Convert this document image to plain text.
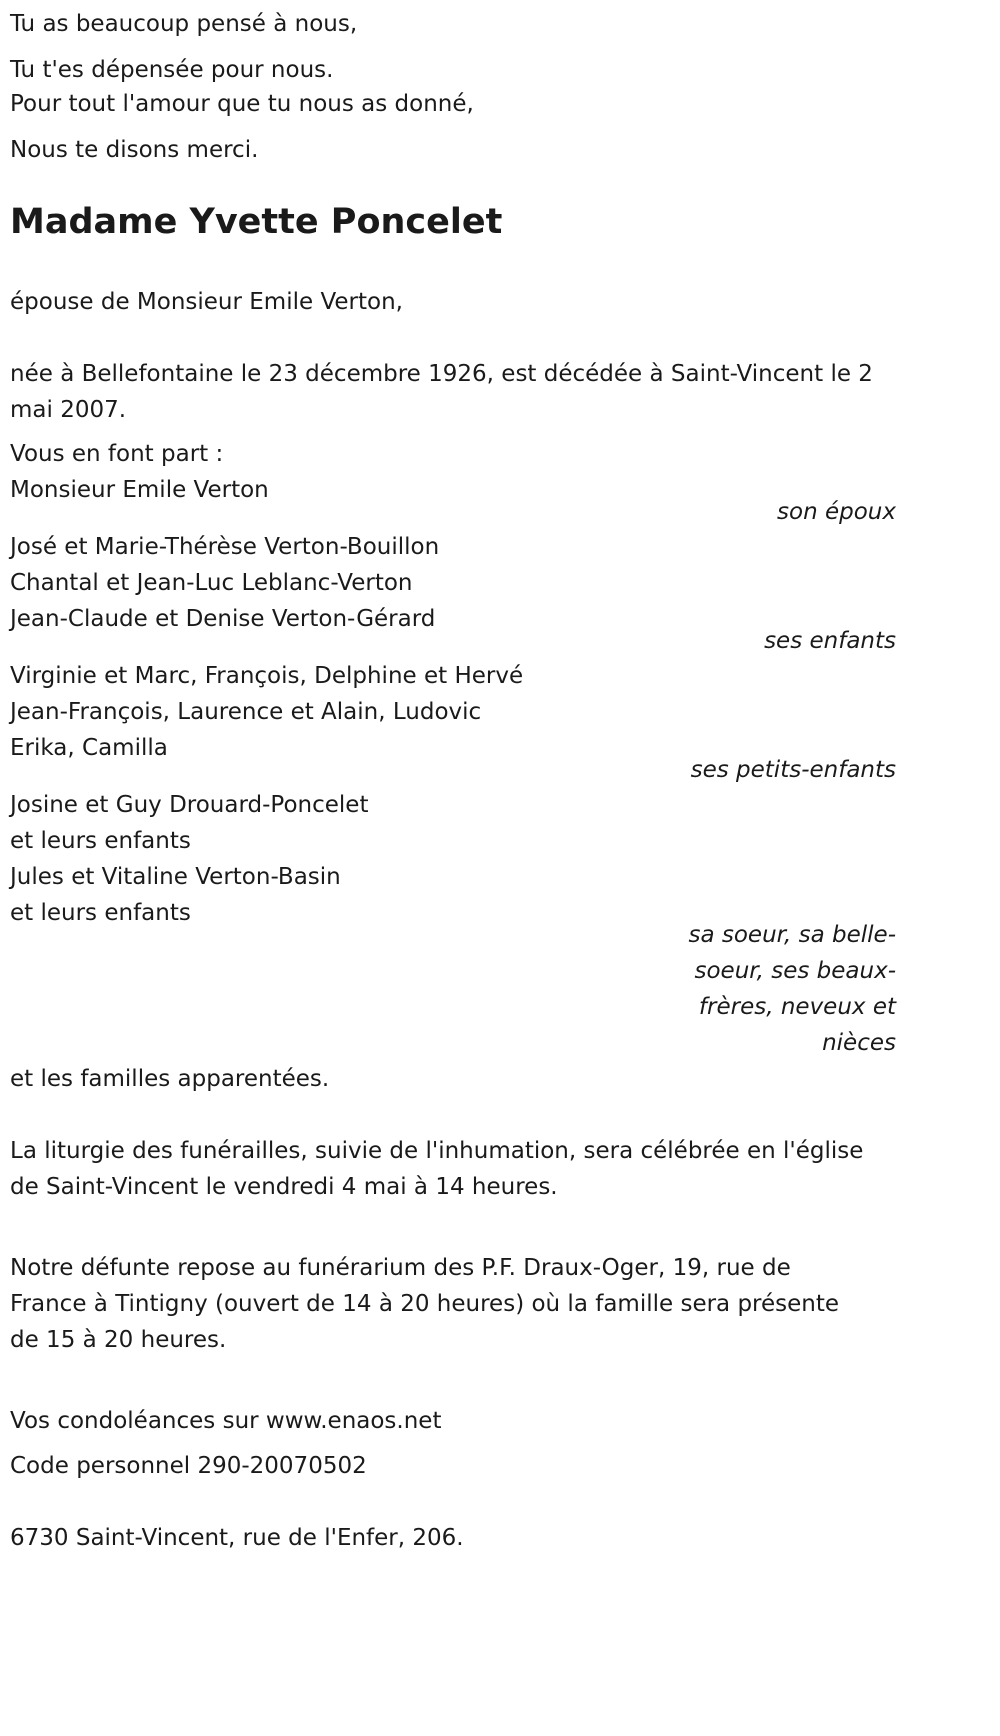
Tu as beaucoup pensé à nous,
Tu t'es dépensée pour nous.
Pour tout l'amour que tu nous as donné,
Nous te disons merci.
Madame Yvette Poncelet
épouse de Monsieur Emile Verton,
née à Bellefontaine le 23 décembre 1926, est décédée à Saint-Vincent le 2
mai 2007.
Vous en font part :
Monsieur Emile Verton
son époux
José et Marie-Thérèse Verton-Bouillon
Chantal et Jean-Luc Leblanc-Verton
Jean-Claude et Denise Verton-Gérard
ses enfants
Virginie et Marc, François, Delphine et Hervé
Jean-François, Laurence et Alain, Ludovic
Erika, Camilla
ses petits-enfants
Josine et Guy Drouard-Poncelet
et leurs enfants
Jules et Vitaline Verton-Basin
et leurs enfants
sa soeur, sa belle-
soeur, ses beaux-
frères, neveux et
nièces
et les familles apparentées.
La liturgie des funérailles, suivie de l'inhumation, sera célébrée en l'église
de Saint-Vincent le vendredi 4 mai à 14 heures.
Notre défunte repose au funérarium des P.F. Draux-Oger, 19, rue de
France à Tintigny (ouvert de 14 à 20 heures) où la famille sera présente
de 15 à 20 heures.
Vos condoléances sur www.enaos.net
Code personnel 290-20070502
6730 Saint-Vincent, rue de l'Enfer, 206.
